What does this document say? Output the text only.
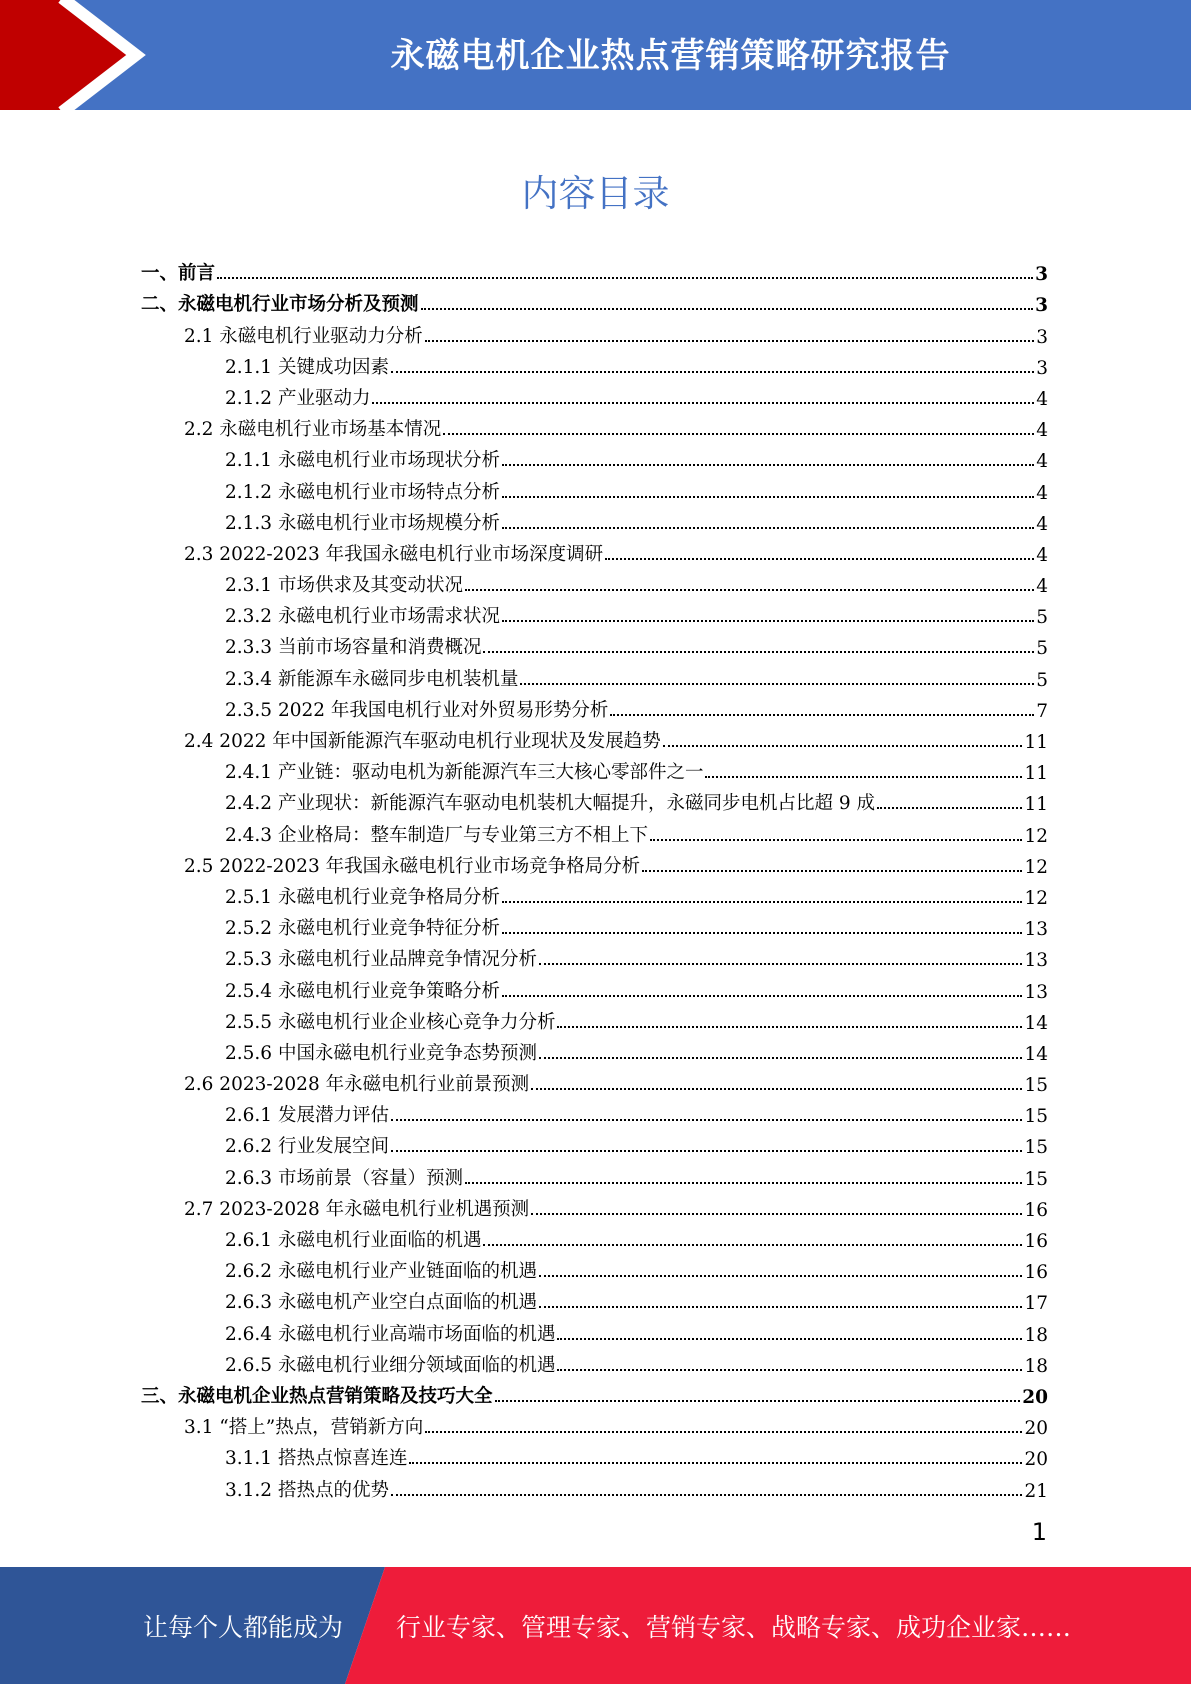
永磁电机企业热点营销策略研究报告
内容目录
一、前言	3
二、永磁电机行业市场分析及预测	3
2.1 永磁电机行业驱动力分析	3
2.1.1 关键成功因素	3
2.1.2 产业驱动力	4
2.2 永磁电机行业市场基本情况	4
2.1.1 永磁电机行业市场现状分析	4
2.1.2 永磁电机行业市场特点分析	4
2.1.3 永磁电机行业市场规模分析	4
2.3 2022-2023 年我国永磁电机行业市场深度调研	4
2.3.1 市场供求及其变动状况	4
2.3.2 永磁电机行业市场需求状况	5
2.3.3 当前市场容量和消费概况	5
2.3.4 新能源车永磁同步电机装机量	5
2.3.5 2022 年我国电机行业对外贸易形势分析	7
2.4 2022 年中国新能源汽车驱动电机行业现状及发展趋势	11
2.4.1 产业链：驱动电机为新能源汽车三大核心零部件之一	11
2.4.2 产业现状：新能源汽车驱动电机装机大幅提升，永磁同步电机占比超 9 成	11
2.4.3 企业格局：整车制造厂与专业第三方不相上下	12
2.5 2022-2023 年我国永磁电机行业市场竞争格局分析	12
2.5.1 永磁电机行业竞争格局分析	12
2.5.2 永磁电机行业竞争特征分析	13
2.5.3 永磁电机行业品牌竞争情况分析	13
2.5.4 永磁电机行业竞争策略分析	13
2.5.5 永磁电机行业企业核心竞争力分析	14
2.5.6 中国永磁电机行业竞争态势预测	14
2.6 2023-2028 年永磁电机行业前景预测	15
2.6.1 发展潜力评估	15
2.6.2 行业发展空间	15
2.6.3 市场前景（容量）预测	15
2.7 2023-2028 年永磁电机行业机遇预测	16
2.6.1 永磁电机行业面临的机遇	16
2.6.2 永磁电机行业产业链面临的机遇	16
2.6.3 永磁电机产业空白点面临的机遇	17
2.6.4 永磁电机行业高端市场面临的机遇	18
2.6.5 永磁电机行业细分领域面临的机遇	18
三、永磁电机企业热点营销策略及技巧大全	20
3.1 “搭上”热点，营销新方向	20
3.1.1 搭热点惊喜连连	20
3.1.2 搭热点的优势	21
1
让每个人都能成为 行业专家、管理专家、营销专家、战略专家、成功企业家……
